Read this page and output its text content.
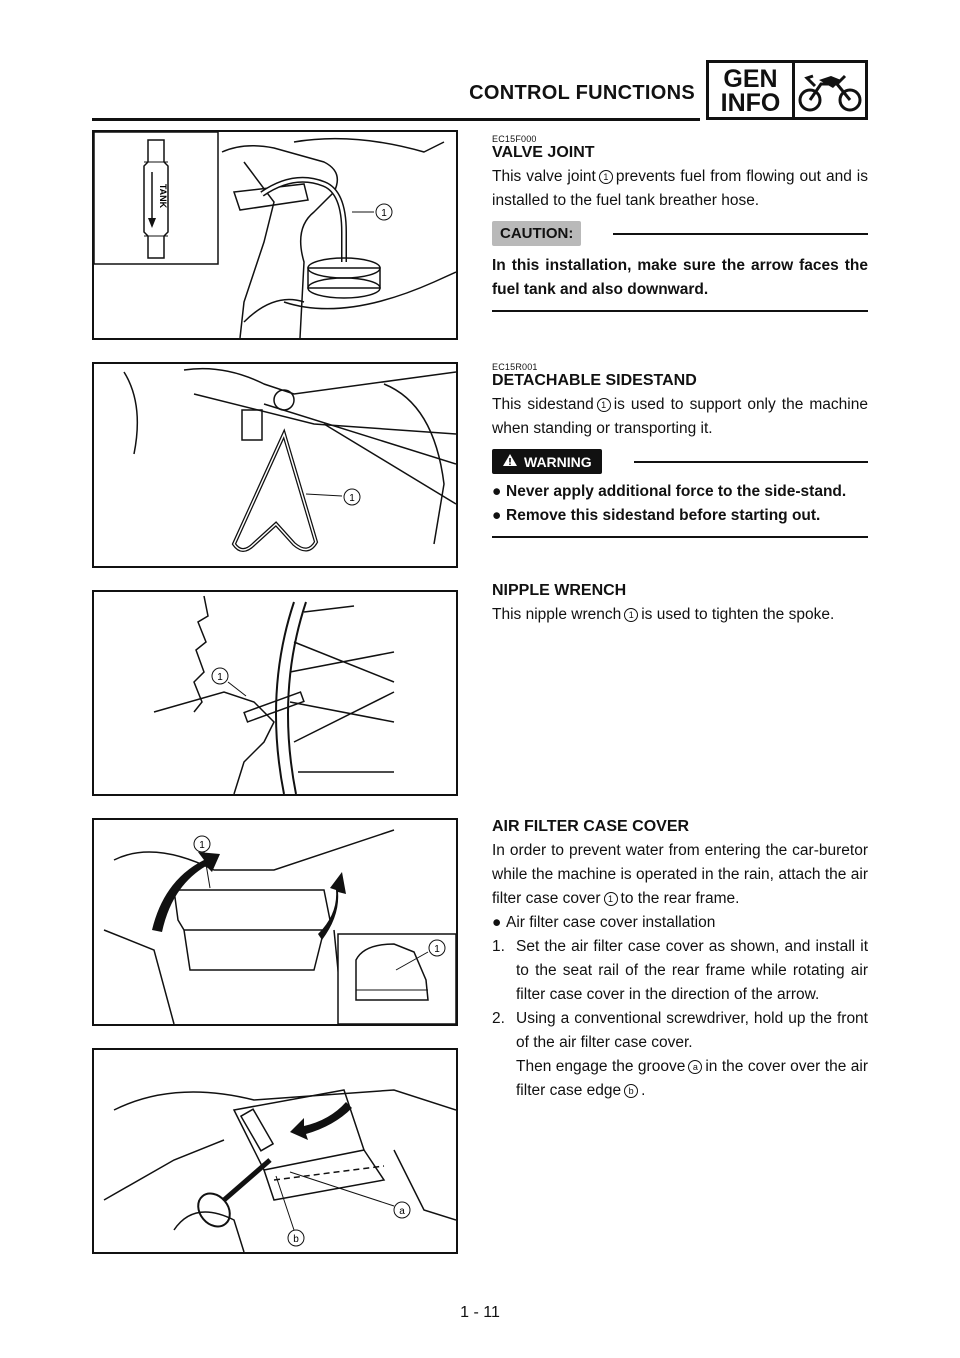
CONTROL FUNCTIONS	GEN
INFO
TANK
1
EC15F000
VALVE JOINT
This valve joint 1 prevents fuel from flowing out and is installed to the fuel tank breather hose.
CAUTION:
In this installation, make sure the arrow faces the fuel tank and also downward.
1
EC15R001
DETACHABLE SIDESTAND
This sidestand 1 is used to support only the machine when standing or transporting it.
WARNING
● Never apply additional force to the side-stand.
● Remove this sidestand before starting out.
1
NIPPLE WRENCH
This nipple wrench 1 is used to tighten the spoke.
1
1
AIR FILTER CASE COVER
In order to prevent water from entering the car-buretor while the machine is operated in the rain, attach the air filter case cover 1 to the rear frame.
● Air filter case cover installation
1. Set the air filter case cover as shown, and install it to the seat rail of the rear frame while rotating air filter case cover in the direction of the arrow.
2. Using a conventional screwdriver, hold up the front of the air filter case cover.
Then engage the groove a in the cover over the air filter case edge b .
a
b
1 - 11
